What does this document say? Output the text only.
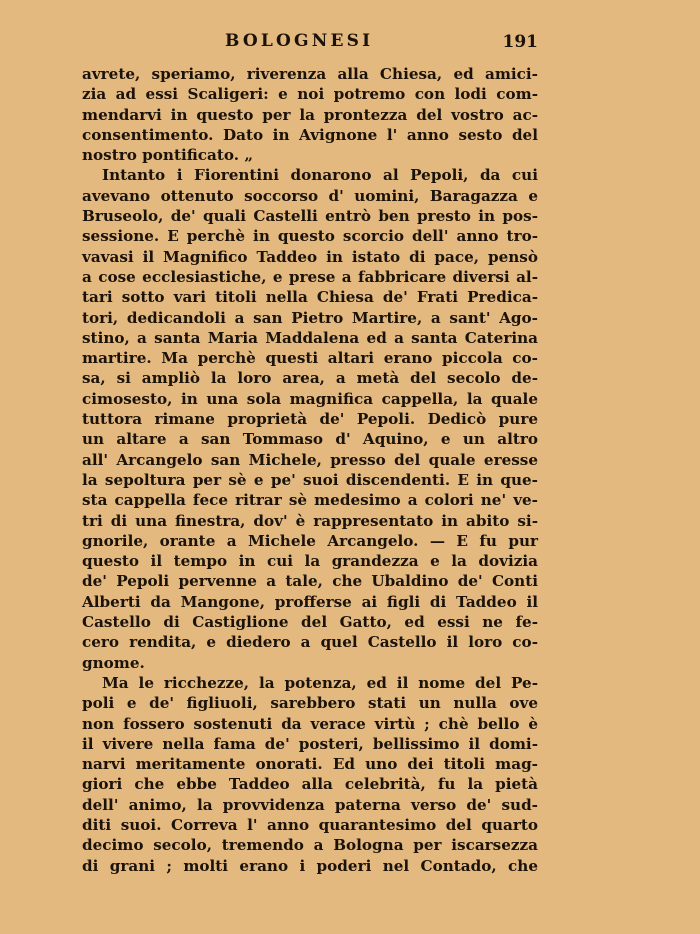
BOLOGNESI	191
avrete, speriamo, riverenza alla Chiesa, ed amici-
zia ad essi Scaligeri: e noi potremo con lodi com-
mendarvi in questo per la prontezza del vostro ac-
consentimento. Dato in Avignone l' anno sesto del
nostro pontificato. „
Intanto i Fiorentini donarono al Pepoli, da cui
avevano ottenuto soccorso d' uomini, Baragazza e
Bruseolo, de' quali Castelli entrò ben presto in pos-
sessione. E perchè in questo scorcio dell' anno tro-
vavasi il Magnifico Taddeo in istato di pace, pensò
a cose ecclesiastiche, e prese a fabbricare diversi al-
tari sotto vari titoli nella Chiesa de' Frati Predica-
tori, dedicandoli a san Pietro Martire, a sant' Ago-
stino, a santa Maria Maddalena ed a santa Caterina
martire. Ma perchè questi altari erano piccola co-
sa, si ampliò la loro area, a metà del secolo de-
cimosesto, in una sola magnifica cappella, la quale
tuttora rimane proprietà de' Pepoli. Dedicò pure
un altare a san Tommaso d' Aquino, e un altro
all' Arcangelo san Michele, presso del quale eresse
la sepoltura per sè e pe' suoi discendenti. E in que-
sta cappella fece ritrar sè medesimo a colori ne' ve-
tri di una finestra, dov' è rappresentato in abito si-
gnorile, orante a Michele Arcangelo. — E fu pur
questo il tempo in cui la grandezza e la dovizia
de' Pepoli pervenne a tale, che Ubaldino de' Conti
Alberti da Mangone, profferse ai figli di Taddeo il
Castello di Castiglione del Gatto, ed essi ne fe-
cero rendita, e diedero a quel Castello il loro co-
gnome.
Ma le ricchezze, la potenza, ed il nome del Pe-
poli e de' figliuoli, sarebbero stati un nulla ove
non fossero sostenuti da verace virtù ; chè bello è
il vivere nella fama de' posteri, bellissimo il domi-
narvi meritamente onorati. Ed uno dei titoli mag-
giori che ebbe Taddeo alla celebrità, fu la pietà
dell' animo, la provvidenza paterna verso de' sud-
diti suoi. Correva l' anno quarantesimo del quarto
decimo secolo, tremendo a Bologna per iscarsezza
di grani ; molti erano i poderi nel Contado, che
